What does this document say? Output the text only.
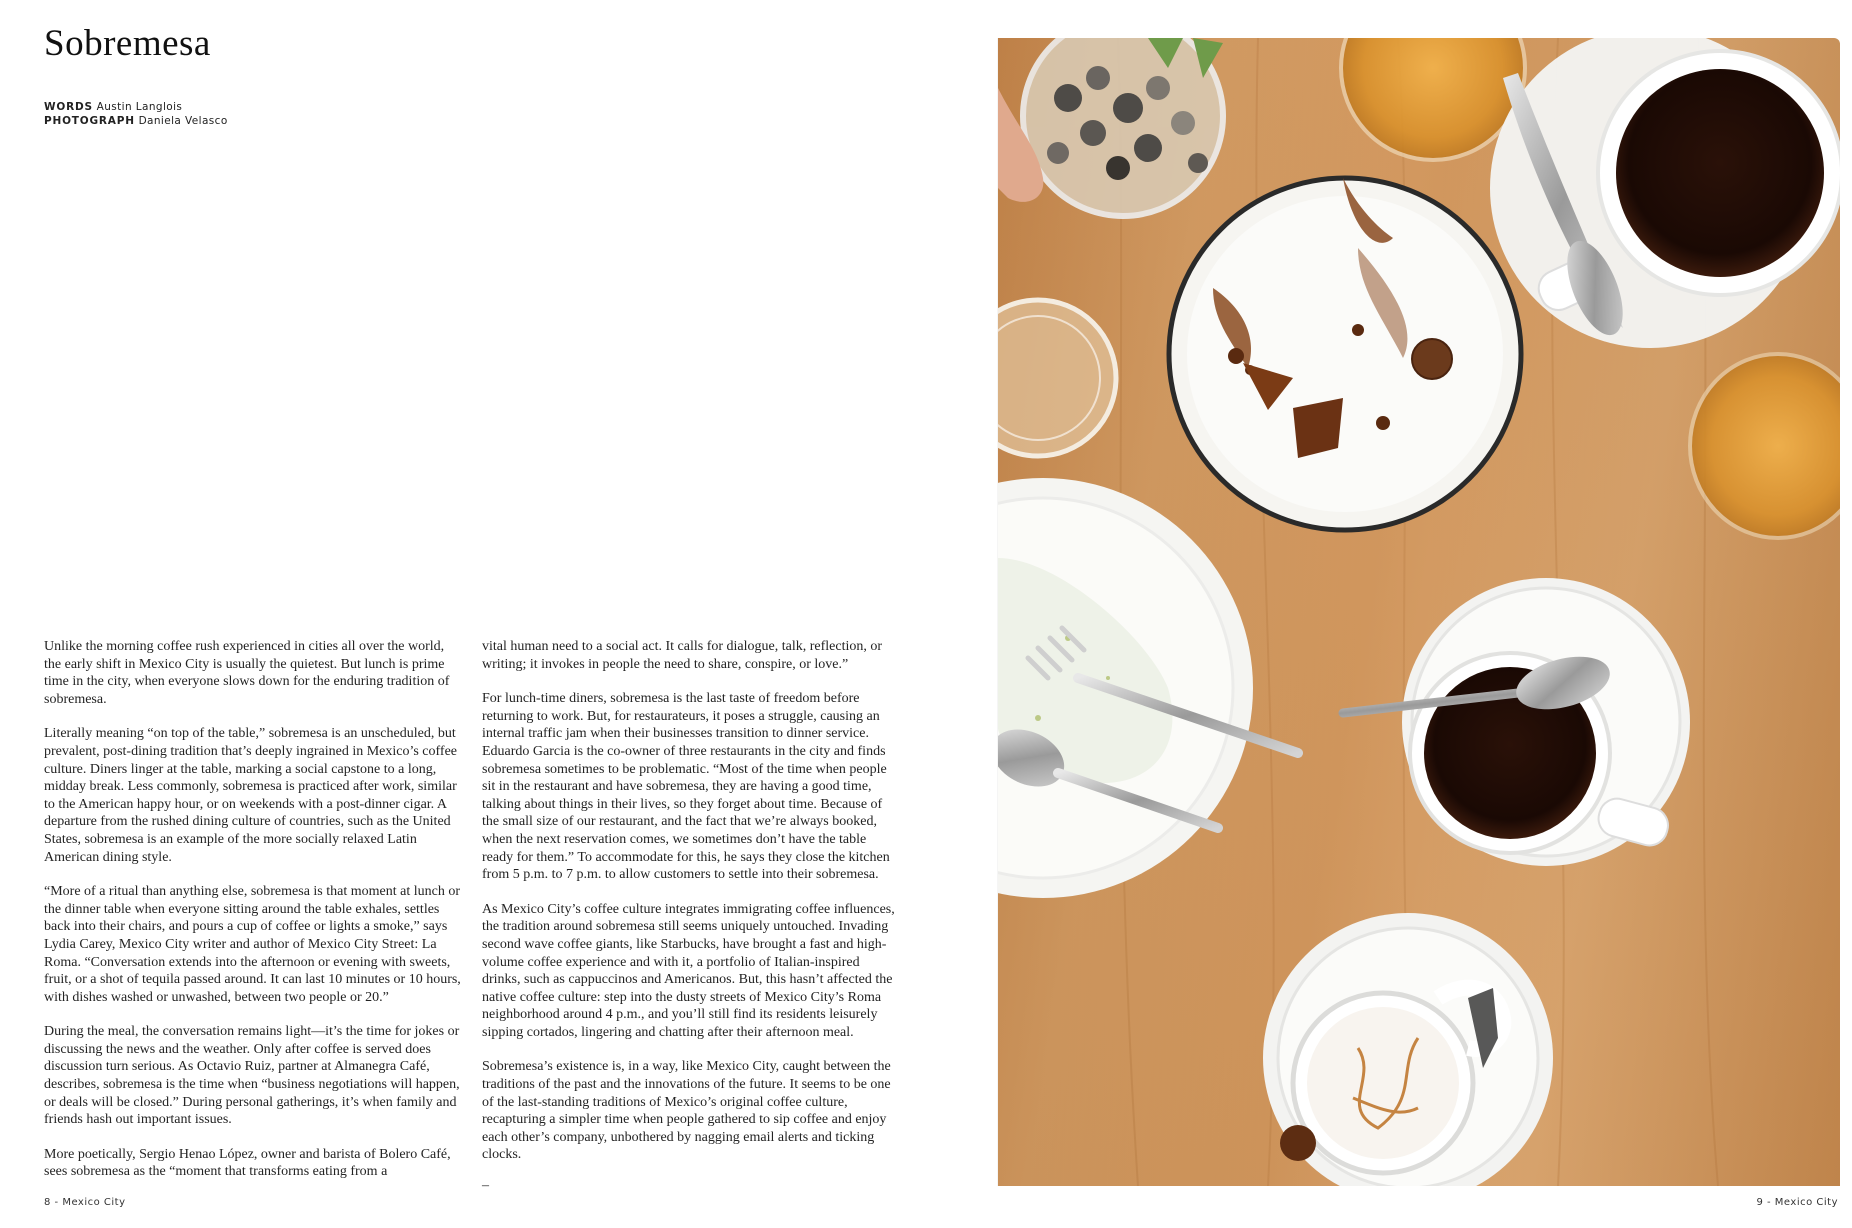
Sobremesa
WORDS Austin Langlois
PHOTOGRAPH Daniela Velasco

Unlike the morning coffee rush experienced in cities all over the world, the early shift in Mexico City is usually the quietest. But lunch is prime time in the city, when everyone slows down for the enduring tradition of sobremesa.

Literally meaning “on top of the table,” sobremesa is an unscheduled, but prevalent, post-dining tradition that’s deeply ingrained in Mexico’s coffee culture. Diners linger at the table, marking a social capstone to a long, midday break. Less commonly, sobremesa is practiced after work, similar to the American happy hour, or on weekends with a post-dinner cigar. A departure from the rushed dining culture of countries, such as the United States, sobremesa is an example of the more socially relaxed Latin American dining style.

“More of a ritual than anything else, sobremesa is that moment at lunch or the dinner table when everyone sitting around the table exhales, settles back into their chairs, and pours a cup of coffee or lights a smoke,” says Lydia Carey, Mexico City writer and author of Mexico City Street: La Roma. “Conversation extends into the afternoon or evening with sweets, fruit, or a shot of tequila passed around. It can last 10 minutes or 10 hours, with dishes washed or unwashed, between two people or 20.”

During the meal, the conversation remains light—it’s the time for jokes or discussing the news and the weather. Only after coffee is served does discussion turn serious. As Octavio Ruiz, partner at Almanegra Café, describes, sobremesa is the time when “business negotiations will happen, or deals will be closed.” During personal gatherings, it’s when family and friends hash out important issues.

More poetically, Sergio Henao López, owner and barista of Bolero Café, sees sobremesa as the “moment that transforms eating from a

vital human need to a social act. It calls for dialogue, talk, reflection, or writing; it invokes in people the need to share, conspire, or love.”

For lunch-time diners, sobremesa is the last taste of freedom before returning to work. But, for restaurateurs, it poses a struggle, causing an internal traffic jam when their businesses transition to dinner service. Eduardo Garcia is the co-owner of three restaurants in the city and finds sobremesa sometimes to be problematic. “Most of the time when people sit in the restaurant and have sobremesa, they are having a good time, talking about things in their lives, so they forget about time. Because of the small size of our restaurant, and the fact that we’re always booked, when the next reservation comes, we sometimes don’t have the table ready for them.” To accommodate for this, he says they close the kitchen from 5 p.m. to 7 p.m. to allow customers to settle into their sobremesa.

As Mexico City’s coffee culture integrates immigrating coffee influences, the tradition around sobremesa still seems uniquely untouched. Invading second wave coffee giants, like Starbucks, have brought a fast and high-volume coffee experience and with it, a portfolio of Italian-inspired drinks, such as cappuccinos and Americanos. But, this hasn’t affected the native coffee culture: step into the dusty streets of Mexico City’s Roma neighborhood around 4 p.m., and you’ll still find its residents leisurely sipping cortados, lingering and chatting after their afternoon meal.

Sobremesa’s existence is, in a way, like Mexico City, caught between the traditions of the past and the innovations of the future. It seems to be one of the last-standing traditions of Mexico’s original coffee culture, recapturing a simpler time when people gathered to sip coffee and enjoy each other’s company, unbothered by nagging email alerts and ticking clocks.

–
8 - Mexico City	9 - Mexico City
